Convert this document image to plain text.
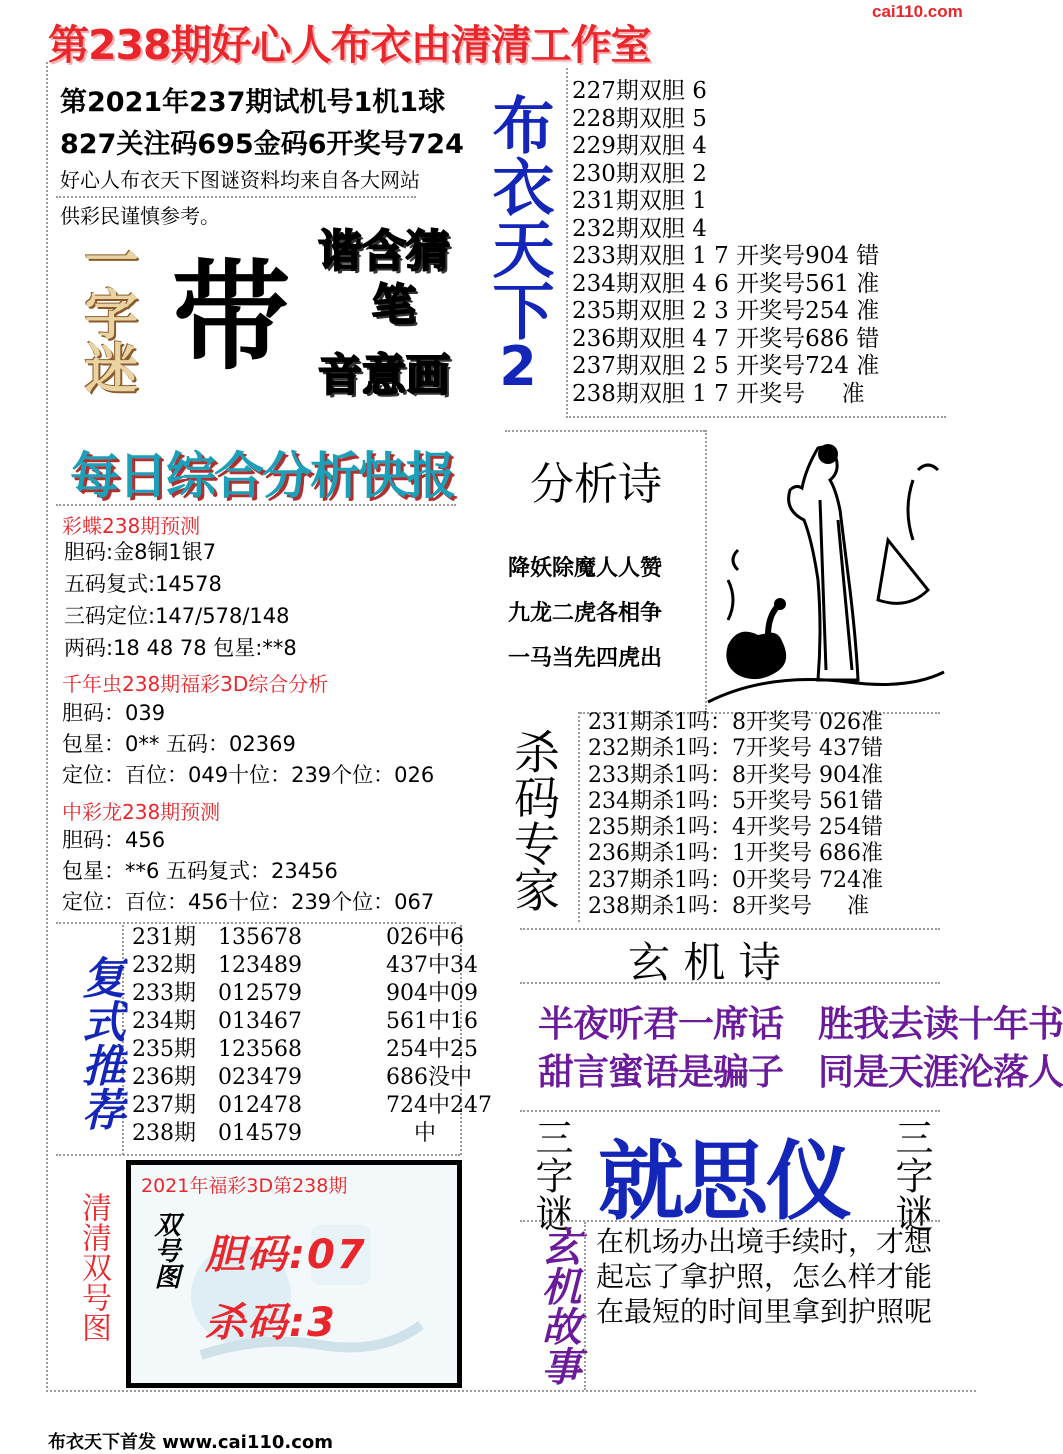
cai110.com
第238期好心人布衣由清清工作室
第2021年237期试机号1机1球
827关注码695金码6开奖号724
好心人布衣天下图谜资料均来自各大网站
供彩民谨慎参考。	布衣天下
2
227期双胆 6
228期双胆 5
229期双胆 4
230期双胆 2
231期双胆 1
232期双胆 4
233期双胆 1 7 开奖号904 错
234期双胆 4 6 开奖号561 准
235期双胆 2 3 开奖号254 准
236期双胆 4 7 开奖号686 错
237期双胆 2 5 开奖号724 准
238期双胆 1 7 开奖号     准
一字迷 带 谐含猜
笔
音意画
每日综合分析快报
彩蝶238期预测
胆码:金8铜1银7
五码复式:14578
三码定位:147/578/148
两码:18 48 78 包星:**8
千年虫238期福彩3D综合分析
胆码：039
包星：0** 五码：02369
定位：百位：049十位：239个位：026
中彩龙238期预测
胆码：456
包星：**6 五码复式：23456
定位：百位：456十位：239个位：067
分析诗
降妖除魔人人赞
九龙二虎各相争
一马当先四虎出
杀码专家
231期杀1吗：8开奖号 026准
232期杀1吗：7开奖号 437错
233期杀1吗：8开奖号 904准
234期杀1吗：5开奖号 561错
235期杀1吗：4开奖号 254错
236期杀1吗：1开奖号 686准
237期杀1吗：0开奖号 724准
238期杀1吗：8开奖号     准
复式推荐
231期	135678	026中6
232期	123489	437中34
233期	012579	904中09
234期	013467	561中16
235期	123568	254中25
236期	023479	686没中
237期	012478	724中247
238期	014579	中
玄 机 诗
半夜听君一席话　胜我去读十年书
甜言蜜语是骗子　同是天涯沦落人
三字谜 就思仪 三字谜
玄机故事 在机场办出境手续时，才想起忘了拿护照，怎么样才能在最短的时间里拿到护照呢
清清双号图
2021年福彩3D第238期
双号图 胆码:07
杀码:3
布衣天下首发 www.cai110.com
